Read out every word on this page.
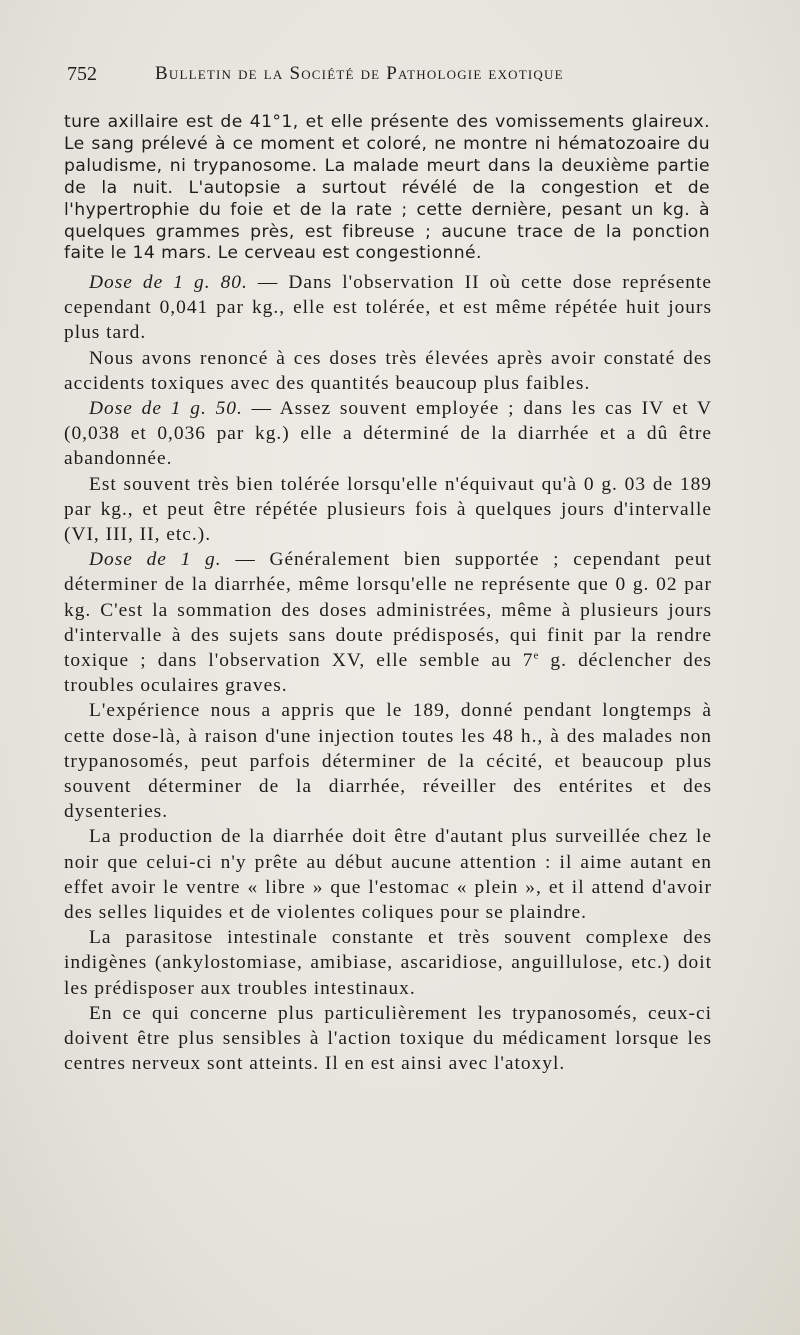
752	Bulletin de la Société de Pathologie exotique

ture axillaire est de 41°1, et elle présente des vomissements glaireux. Le sang prélevé à ce moment et coloré, ne montre ni hématozoaire du paludisme, ni trypanosome. La malade meurt dans la deuxième partie de la nuit. L'autopsie a surtout révélé de la congestion et de l'hypertrophie du foie et de la rate ; cette dernière, pesant un kg. à quelques grammes près, est fibreuse ; aucune trace de la ponction faite le 14 mars. Le cerveau est congestionné.

Dose de 1 g. 80. — Dans l'observation II où cette dose représente cependant 0,041 par kg., elle est tolérée, et est même répétée huit jours plus tard.

Nous avons renoncé à ces doses très élevées après avoir constaté des accidents toxiques avec des quantités beaucoup plus faibles.

Dose de 1 g. 50. — Assez souvent employée ; dans les cas IV et V (0,038 et 0,036 par kg.) elle a déterminé de la diarrhée et a dû être abandonnée.

Est souvent très bien tolérée lorsqu'elle n'équivaut qu'à 0 g. 03 de 189 par kg., et peut être répétée plusieurs fois à quelques jours d'intervalle (VI, III, II, etc.).

Dose de 1 g. — Généralement bien supportée ; cependant peut déterminer de la diarrhée, même lorsqu'elle ne représente que 0 g. 02 par kg. C'est la sommation des doses administrées, même à plusieurs jours d'intervalle à des sujets sans doute prédisposés, qui finit par la rendre toxique ; dans l'observation XV, elle semble au 7e g. déclencher des troubles oculaires graves.

L'expérience nous a appris que le 189, donné pendant longtemps à cette dose-là, à raison d'une injection toutes les 48 h., à des malades non trypanosomés, peut parfois déterminer de la cécité, et beaucoup plus souvent déterminer de la diarrhée, réveiller des entérites et des dysenteries.

La production de la diarrhée doit être d'autant plus surveillée chez le noir que celui-ci n'y prête au début aucune attention : il aime autant en effet avoir le ventre « libre » que l'estomac « plein », et il attend d'avoir des selles liquides et de violentes coliques pour se plaindre.

La parasitose intestinale constante et très souvent complexe des indigènes (ankylostomiase, amibiase, ascaridiose, anguillulose, etc.) doit les prédisposer aux troubles intestinaux.

En ce qui concerne plus particulièrement les trypanosomés, ceux-ci doivent être plus sensibles à l'action toxique du médicament lorsque les centres nerveux sont atteints. Il en est ainsi avec l'atoxyl.
